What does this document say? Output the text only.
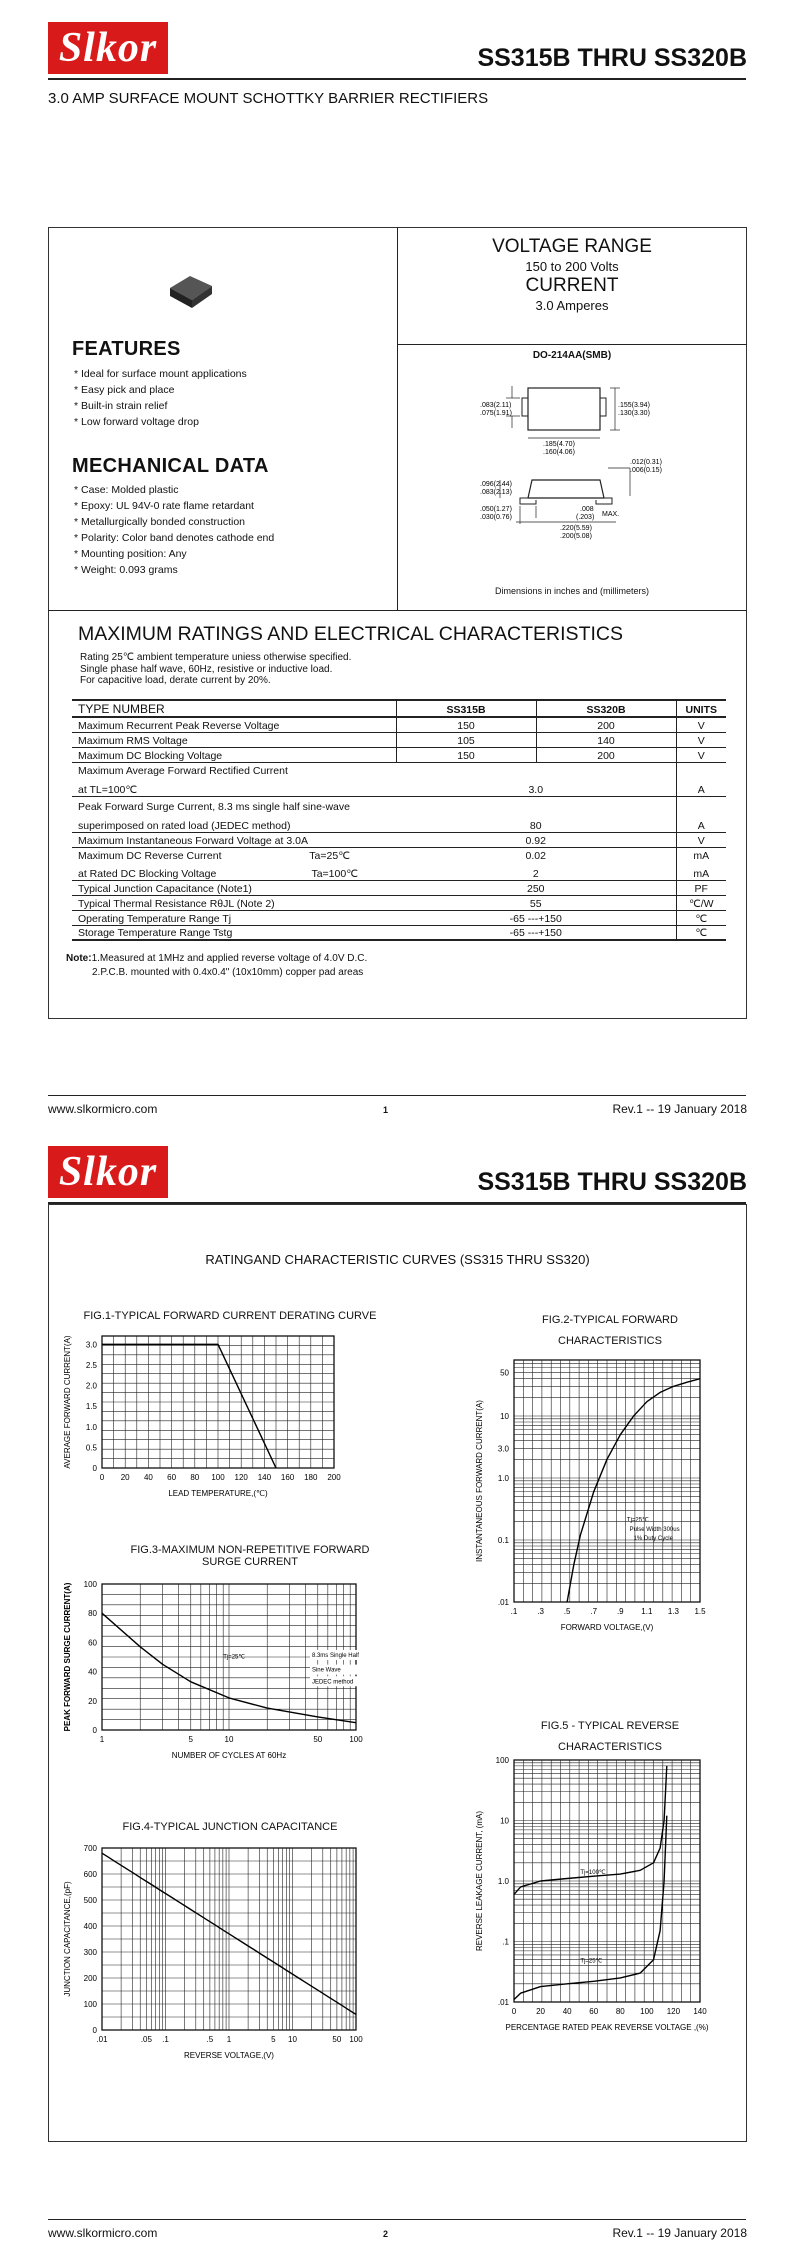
Slkor	SS315B THRU SS320B
3.0 AMP SURFACE MOUNT SCHOTTKY BARRIER RECTIFIERS
FEATURES
* Ideal for surface mount applications
* Easy pick and place
* Built-in strain relief
* Low forward voltage drop
MECHANICAL DATA
* Case: Molded plastic
* Epoxy: UL 94V-0 rate flame retardant
* Metallurgically bonded construction
* Polarity: Color band denotes cathode end
* Mounting position: Any
* Weight: 0.093 grams
VOLTAGE RANGE
150 to 200 Volts
CURRENT
3.0 Amperes
DO-214AA(SMB)
.083(2.11)
.075(1.91)
.155(3.94)
.130(3.30)
.185(4.70)
.160(4.06)
.012(0.31)
.006(0.15)
.096(2.44)
.083(2.13)
.050(1.27)
.030(0.76)
.008
(.203) MAX.
.220(5.59)
.200(5.08)
Dimensions in inches and (millimeters)
MAXIMUM RATINGS AND ELECTRICAL CHARACTERISTICS
Rating 25℃ ambient temperature uniess otherwise specified.
Single phase half wave, 60Hz, resistive or inductive load.
For capacitive load, derate current by 20%.
TYPE NUMBER	SS315B	SS320B	UNITS
Maximum Recurrent Peak Reverse Voltage	150	200	V
Maximum RMS Voltage	105	140	V
Maximum DC Blocking Voltage	150	200	V
Maximum Average Forward Rectified Current			
at TL=100℃	3.0		A
Peak Forward Surge Current, 8.3 ms single half sine-wave			
superimposed on rated load (JEDEC method)	80		A
Maximum Instantaneous Forward Voltage at 3.0A	0.92		V
Maximum DC Reverse Current Ta=25℃	0.02		mA
at Rated DC Blocking Voltage Ta=100℃	2		mA
Typical Junction Capacitance (Note1)	250		PF
Typical Thermal Resistance RθJL (Note 2)	55		℃/W
Operating Temperature Range Tj	-65 ---+150		℃
Storage Temperature Range Tstg	-65 ---+150		℃
Note:1.Measured at 1MHz and applied reverse voltage of 4.0V D.C.
2.P.C.B. mounted with 0.4x0.4" (10x10mm) copper pad areas
www.slkormicro.com	1	Rev.1 -- 19 January 2018
Slkor	SS315B THRU SS320B
RATINGAND CHARACTERISTIC CURVES (SS315 THRU SS320)
FIG.1-TYPICAL FORWARD CURRENT DERATING CURVE
0 20 40 60 80 100 120 140 160 180 200
0
0.5
1.0
1.5
2.0
2.5
3.0
LEAD TEMPERATURE,(℃)
AVERAGE FORWARD CURRENT(A)
FIG.2-TYPICAL FORWARD
CHARACTERISTICS
.1 .3 .5 .7 .9 1.1 1.3 1.5
50
10
3.0
1.0
0.1
.01
FORWARD VOLTAGE,(V)
INSTANTANEOUS FORWARD CURRENT(A)	Tj=25℃
Pulse Width 300us
1% Duty Cycle
FIG.3-MAXIMUM NON-REPETITIVE FORWARD
SURGE CURRENT
1	5	10	50	100
0
20
40
60
80
100
NUMBER OF CYCLES AT 60Hz
PEAK FORWARD SURGE CURRENT(A)	Tj=25℃	8.3ms Single Half
Sine Wave
JEDEC method
FIG.5 - TYPICAL REVERSE
CHARACTERISTICS
0 20 40 60 80 100 120 140
100
10
1.0
.1
.01
PERCENTAGE RATED PEAK REVERSE VOLTAGE ,(%)
REVERSE LEAKAGE CURRENT, (mA)	Tj=100℃
Tj=25℃
FIG.4-TYPICAL JUNCTION CAPACITANCE
.01	.05 .1	.5 1	5 10	50 100
0
100
200
300
400
500
600
700
REVERSE VOLTAGE,(V)
JUNCTION CAPACITANCE,(pF)
www.slkormicro.com	2	Rev.1 -- 19 January 2018
